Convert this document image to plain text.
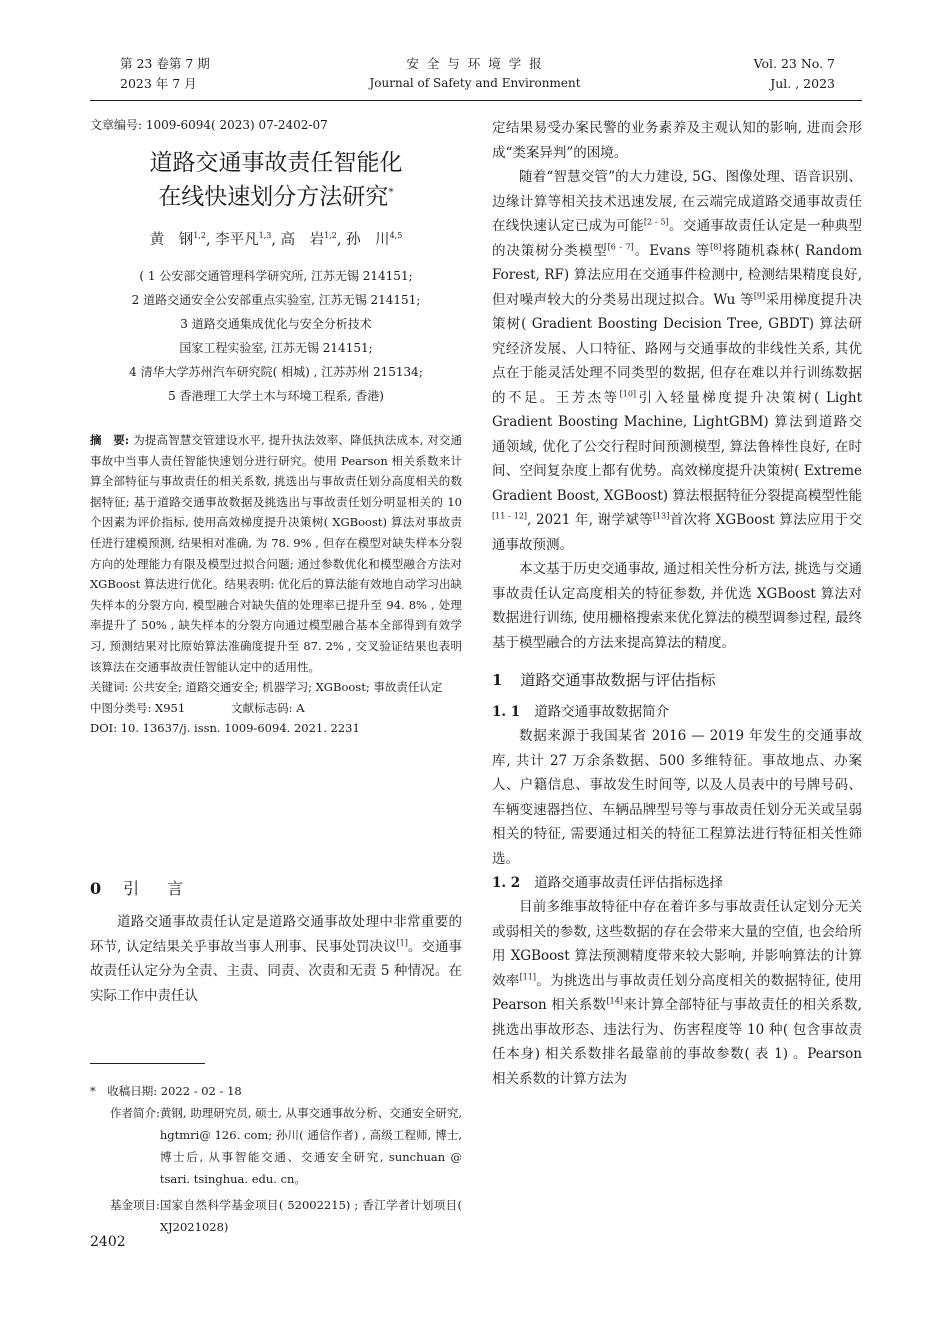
第 23 卷第 7 期
2023 年 7 月
安 全 与 环 境 学 报
Journal of Safety and Environment
Vol. 23 No. 7
Jul. , 2023
文章编号: 1009-6094( 2023) 07-2402-07
道路交通事故责任智能化
在线快速划分方法研究*
黄　钢$^{1,2}$, 李平凡$^{1,3}$, 高　岩$^{1,2}$, 孙　川$^{4,5}$
( 1 公安部交通管理科学研究所, 江苏无锡 214151;
2 道路交通安全公安部重点实验室, 江苏无锡 214151;
3 道路交通集成优化与安全分析技术
国家工程实验室, 江苏无锡 214151;
4 清华大学苏州汽车研究院( 相城) , 江苏苏州 215134;
5 香港理工大学土木与环境工程系, 香港)

摘　要: 为提高智慧交管建设水平, 提升执法效率、降低执法成本, 对交通事故中当事人责任智能快速划分进行研究。使用 Pearson 相关系数来计算全部特征与事故责任的相关系数, 挑选出与事故责任划分高度相关的数据特征; 基于道路交通事故数据及挑选出与事故责任划分明显相关的 10 个因素为评价指标, 使用高效梯度提升决策树( XGBoost) 算法对事故责任进行建模预测, 结果相对准确, 为 78. 9% , 但存在模型对缺失样本分裂方向的处理能力有限及模型过拟合问题; 通过参数优化和模型融合方法对 XGBoost 算法进行优化。结果表明: 优化后的算法能有效地自动学习出缺失样本的分裂方向, 模型融合对缺失值的处理率已提升至 94. 8% , 处理率提升了 50% , 缺失样本的分裂方向通过模型融合基本全部得到有效学习, 预测结果对比原始算法准确度提升至 87. 2% , 交叉验证结果也表明该算法在交通事故责任智能认定中的适用性。

关键词: 公共安全; 道路交通安全; 机器学习; XGBoost; 事故责任认定

中图分类号: X951	文献标志码: A

DOI: 10. 13637/j. issn. 1009-6094. 2021. 2231

0 引　言

道路交通事故责任认定是道路交通事故处理中非常重要的环节, 认定结果关乎事故当事人刑事、民事处罚决议[1]。交通事故责任认定分为全责、主责、同责、次责和无责 5 种情况。在实际工作中责任认

*　收稿日期: 2022 - 02 - 18
作者简介: 黄钢, 助理研究员, 硕士, 从事交通事故分析、交通安全研究, hgtmri@ 126. com; 孙川( 通信作者) , 高级工程师, 博士, 博士后, 从事智能交通、交通安全研究, sunchuan @ tsari. tsinghua. edu. cn。
基金项目: 国家自然科学基金项目( 52002215) ; 香江学者计划项目( XJ2021028)
2402

定结果易受办案民警的业务素养及主观认知的影响, 进而会形成“类案异判”的困境。

随着“智慧交管”的大力建设, 5G、图像处理、语音识别、边缘计算等相关技术迅速发展, 在云端完成道路交通事故责任在线快速认定已成为可能[2 - 5]。交通事故责任认定是一种典型的决策树分类模型[6 - 7]。Evans 等[8]将随机森林( Random Forest, RF) 算法应用在交通事件检测中, 检测结果精度良好, 但对噪声较大的分类易出现过拟合。Wu 等[9]采用梯度提升决策树( Gradient Boosting Decision Tree, GBDT) 算法研究经济发展、人口特征、路网与交通事故的非线性关系, 其优点在于能灵活处理不同类型的数据, 但存在难以并行训练数据的不足。王芳杰等[10]引入轻量梯度提升决策树( Light Gradient Boosting Machine, LightGBM) 算法到道路交通领域, 优化了公交行程时间预测模型, 算法鲁棒性良好, 在时间、空间复杂度上都有优势。高效梯度提升决策树( Extreme Gradient Boost, XGBoost) 算法根据特征分裂提高模型性能[11 - 12], 2021 年, 谢学斌等[13]首次将 XGBoost 算法应用于交通事故预测。

本文基于历史交通事故, 通过相关性分析方法, 挑选与交通事故责任认定高度相关的特征参数, 并优选 XGBoost 算法对数据进行训练, 使用栅格搜索来优化算法的模型调参过程, 最终基于模型融合的方法来提高算法的精度。

1 道路交通事故数据与评估指标
1. 1 道路交通事故数据简介

数据来源于我国某省 2016 — 2019 年发生的交通事故库, 共计 27 万余条数据、500 多维特征。事故地点、办案人、户籍信息、事故发生时间等, 以及人员表中的号牌号码、车辆变速器挡位、车辆品牌型号等与事故责任划分无关或呈弱相关的特征, 需要通过相关的特征工程算法进行特征相关性筛选。

1. 2 道路交通事故责任评估指标选择

目前多维事故特征中存在着许多与事故责任认定划分无关或弱相关的参数, 这些数据的存在会带来大量的空值, 也会给所用 XGBoost 算法预测精度带来较大影响, 并影响算法的计算效率[11]。为挑选出与事故责任划分高度相关的数据特征, 使用 Pearson 相关系数[14]来计算全部特征与事故责任的相关系数, 挑选出事故形态、违法行为、伤害程度等 10 种( 包含事故责任本身) 相关系数排名最靠前的事故参数( 表 1) 。Pearson 相关系数的计算方法为
